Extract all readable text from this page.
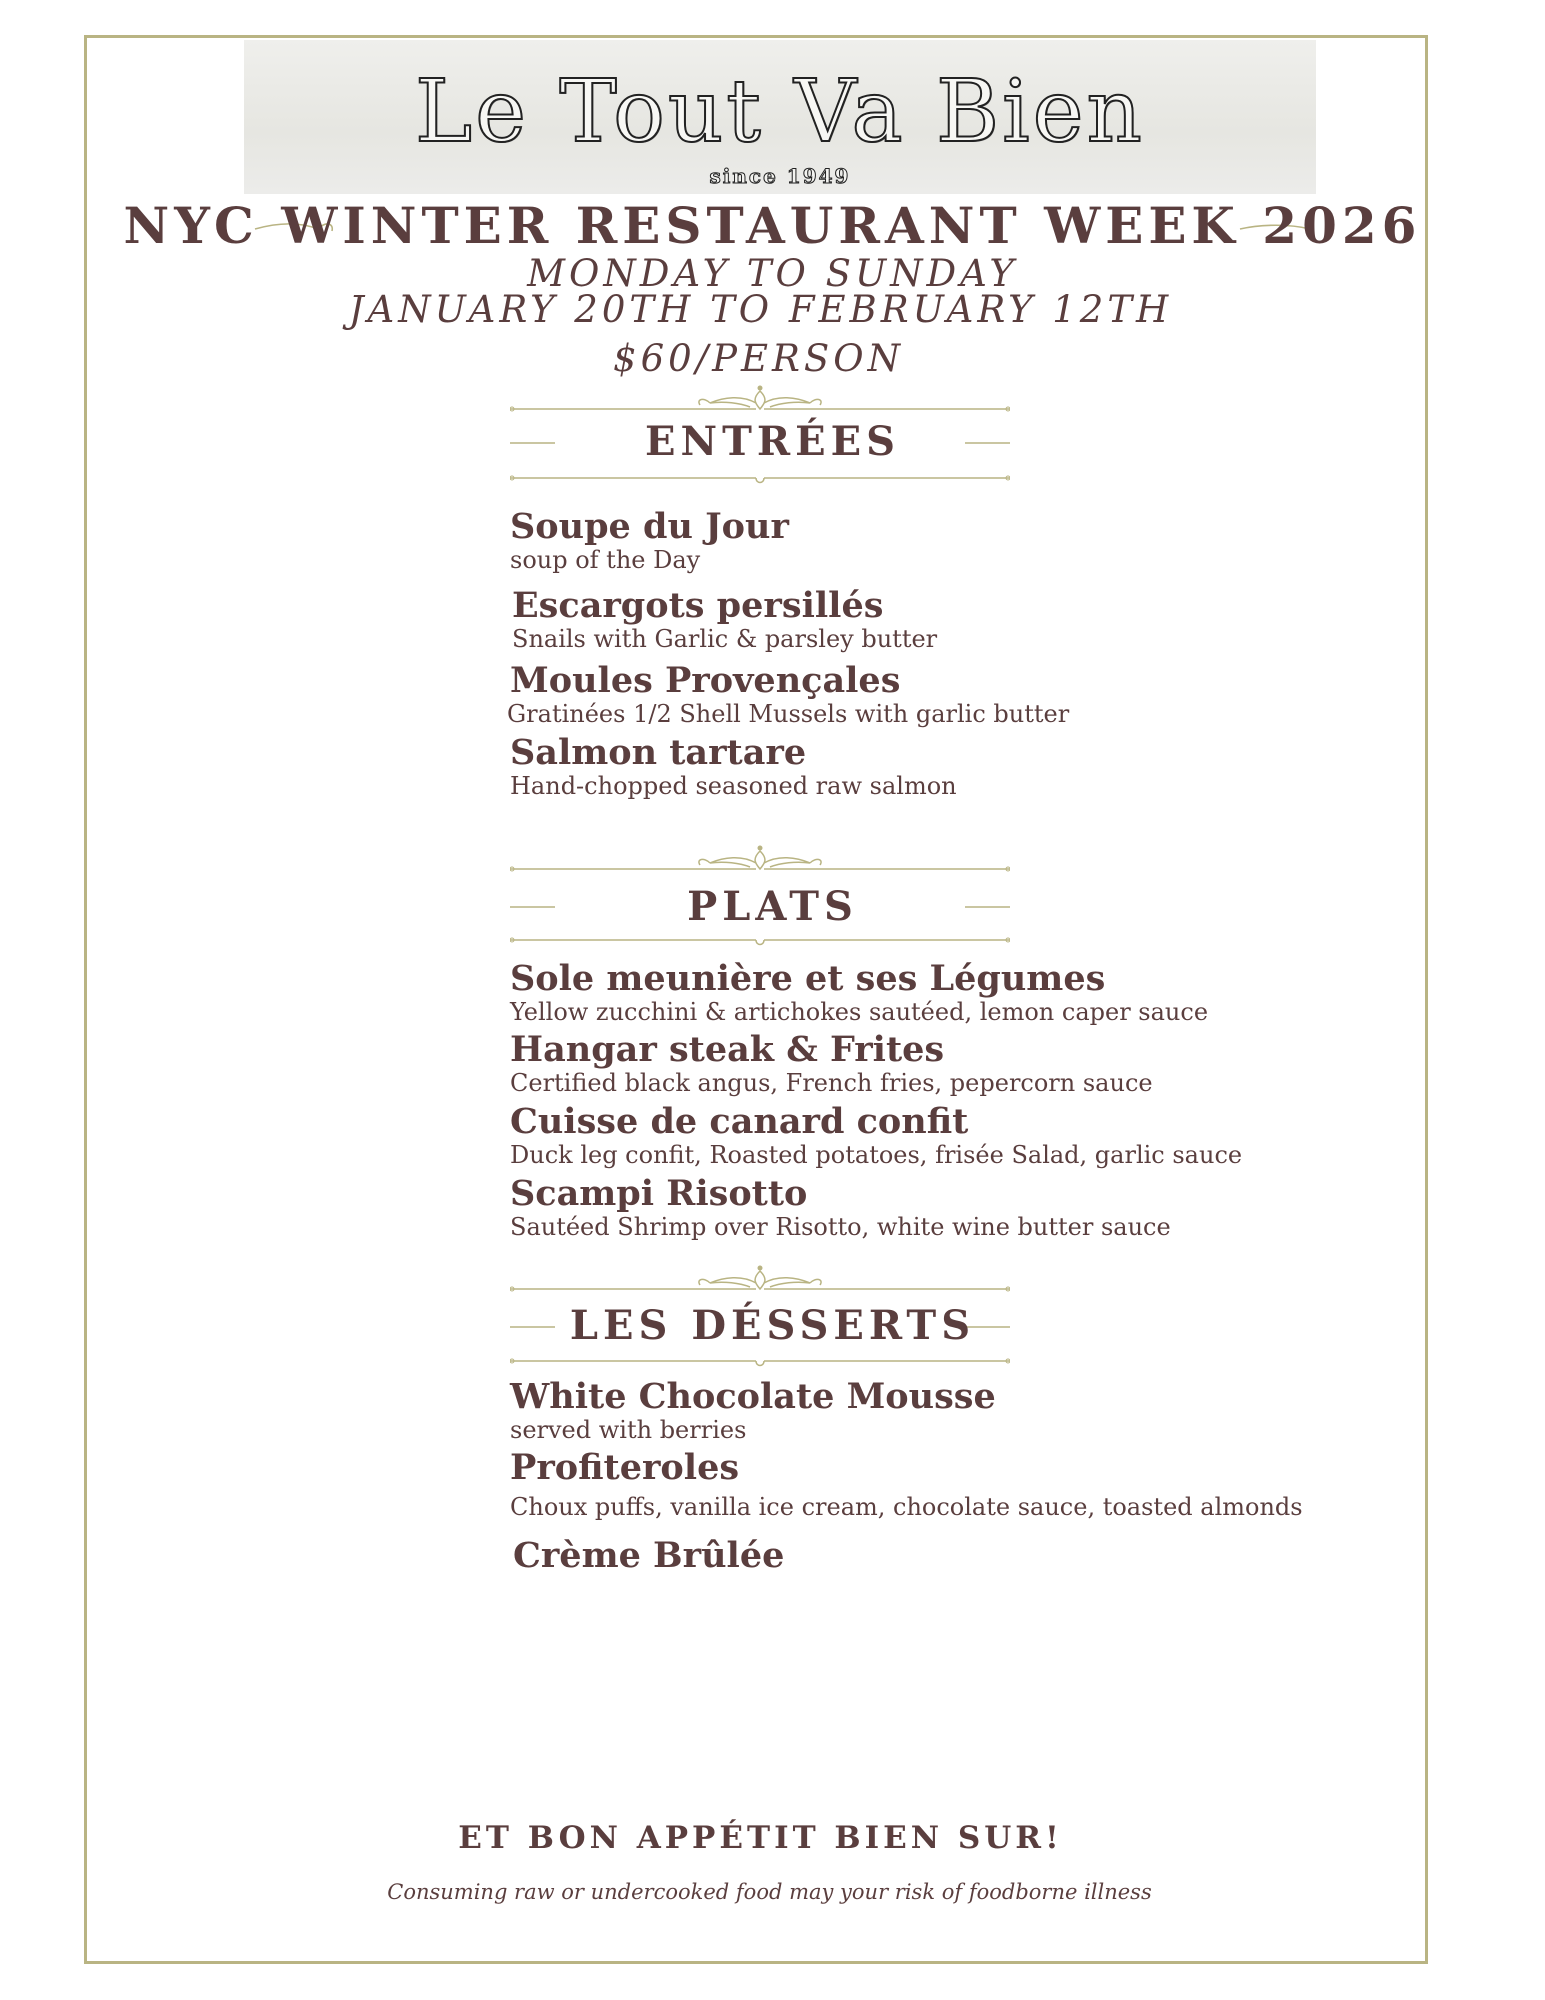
Le Tout Va Bien
since 1949
NYC WINTER RESTAURANT WEEK 2026
MONDAY TO SUNDAY
JANUARY 20TH TO FEBRUARY 12TH
$60/PERSON
ENTRÉES
Soupe du Jour
soup of the Day
Escargots persillés
Snails with Garlic & parsley butter
Moules Provençales
Gratinées 1/2 Shell Mussels with garlic butter
Salmon tartare
Hand-chopped seasoned raw salmon
PLATS
Sole meunière et ses Légumes
Yellow zucchini & artichokes sautéed, lemon caper sauce
Hangar steak & Frites
Certified black angus, French fries, pepercorn sauce
Cuisse de canard confit
Duck leg confit, Roasted potatoes, frisée Salad, garlic sauce
Scampi Risotto
Sautéed Shrimp over Risotto, white wine butter sauce
LES DÉSSERTS
White Chocolate Mousse
served with berries
Profiteroles
Choux puffs, vanilla ice cream, chocolate sauce, toasted almonds
Crème Brûlée
ET BON APPÉTIT BIEN SUR!
Consuming raw or undercooked food may your risk of foodborne illness
